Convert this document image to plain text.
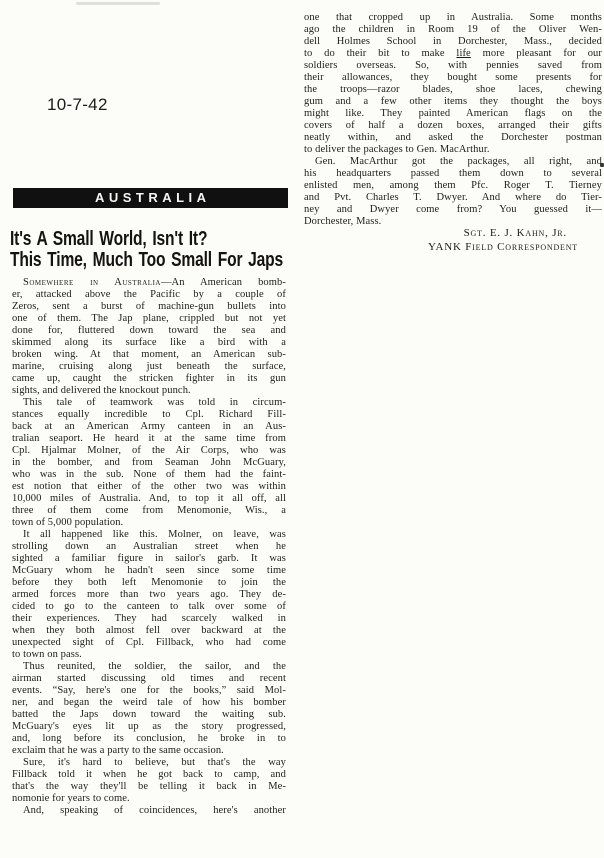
10-7-42
AUSTRALIA
It's A Small World, Isn't It?
This Time, Much Too Small For Japs
Somewhere in Australia—An American bomb-
er, attacked above the Pacific by a couple of
Zeros, sent a burst of machine-gun bullets into
one of them. The Jap plane, crippled but not yet
done for, fluttered down toward the sea and
skimmed along its surface like a bird with a
broken wing. At that moment, an American sub-
marine, cruising along just beneath the surface,
came up, caught the stricken fighter in its gun
sights, and delivered the knockout punch.
This tale of teamwork was told in circum-
stances equally incredible to Cpl. Richard Fill-
back at an American Army canteen in an Aus-
tralian seaport. He heard it at the same time from
Cpl. Hjalmar Molner, of the Air Corps, who was
in the bomber, and from Seaman John McGuary,
who was in the sub. None of them had the faint-
est notion that either of the other two was within
10,000 miles of Australia. And, to top it all off, all
three of them come from Menomonie, Wis., a
town of 5,000 population.
It all happened like this. Molner, on leave, was
strolling down an Australian street when he
sighted a familiar figure in sailor's garb. It was
McGuary whom he hadn't seen since some time
before they both left Menomonie to join the
armed forces more than two years ago. They de-
cided to go to the canteen to talk over some of
their experiences. They had scarcely walked in
when they both almost fell over backward at the
unexpected sight of Cpl. Fillback, who had come
to town on pass.
Thus reunited, the soldier, the sailor, and the
airman started discussing old times and recent
events. “Say, here's one for the books,” said Mol-
ner, and began the weird tale of how his bomber
batted the Japs down toward the waiting sub.
McGuary's eyes lit up as the story progressed,
and, long before its conclusion, he broke in to
exclaim that he was a party to the same occasion.
Sure, it's hard to believe, but that's the way
Fillback told it when he got back to camp, and
that's the way they'll be telling it back in Me-
nomonie for years to come.
And, speaking of coincidences, here's another
one that cropped up in Australia. Some months
ago the children in Room 19 of the Oliver Wen-
dell Holmes School in Dorchester, Mass., decided
to do their bit to make life more pleasant for our
soldiers overseas. So, with pennies saved from
their allowances, they bought some presents for
the troops—razor blades, shoe laces, chewing
gum and a few other items they thought the boys
might like. They painted American flags on the
covers of half a dozen boxes, arranged their gifts
neatly within, and asked the Dorchester postman
to deliver the packages to Gen. MacArthur.
Gen. MacArthur got the packages, all right, and
his headquarters passed them down to several
enlisted men, among them Pfc. Roger T. Tierney
and Pvt. Charles T. Dwyer. And where do Tier-
ney and Dwyer come from? You guessed it—
Dorchester, Mass.
Sgt. E. J. Kahn, Jr.
YANK Field Correspondent
